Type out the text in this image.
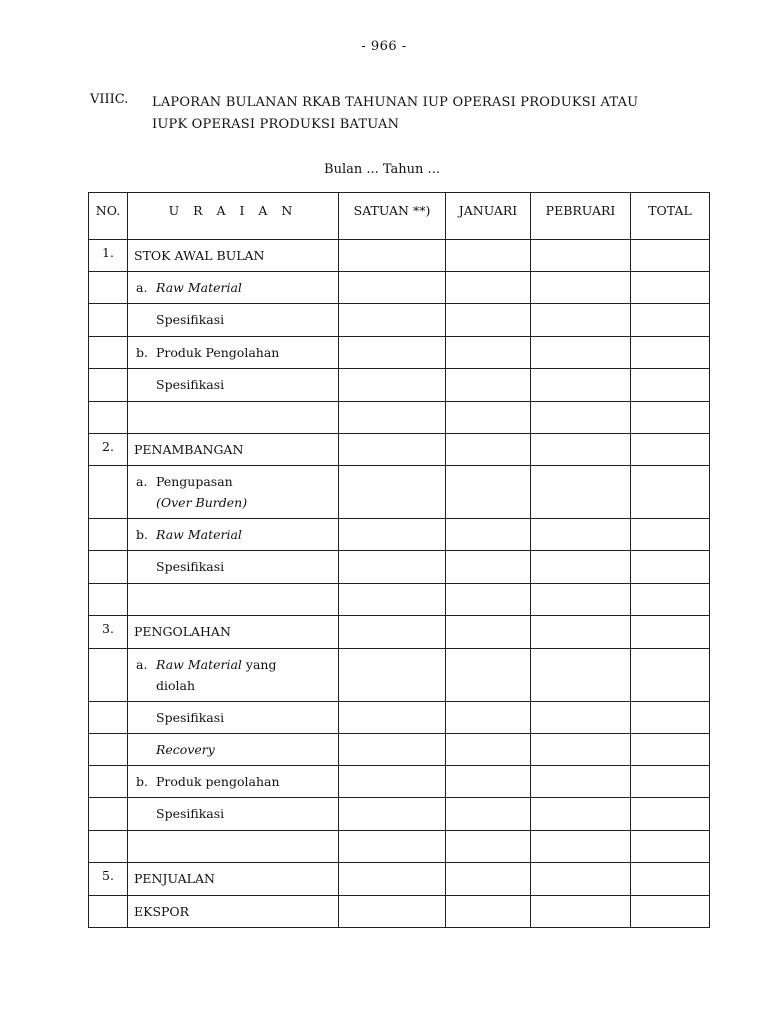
- 966 -
VIIIC. LAPORAN BULANAN RKAB TAHUNAN IUP OPERASI PRODUKSI ATAU
IUPK OPERASI PRODUKSI BATUAN
Bulan ... Tahun ...
NO.	U R A I A N	SATUAN **)	JANUARI	PEBRUARI	TOTAL
1.	STOK AWAL BULAN				
	a. Raw Material				
	Spesifikasi				
	b. Produk Pengolahan				
	Spesifikasi				

2.	PENAMBANGAN				
	a. Pengupasan
(Over Burden)				
	b. Raw Material				
	Spesifikasi				

3.	PENGOLAHAN				
	a. Raw Material yang
diolah				
	Spesifikasi				
	Recovery				
	b. Produk pengolahan				
	Spesifikasi				

5.	PENJUALAN				
	EKSPOR				
